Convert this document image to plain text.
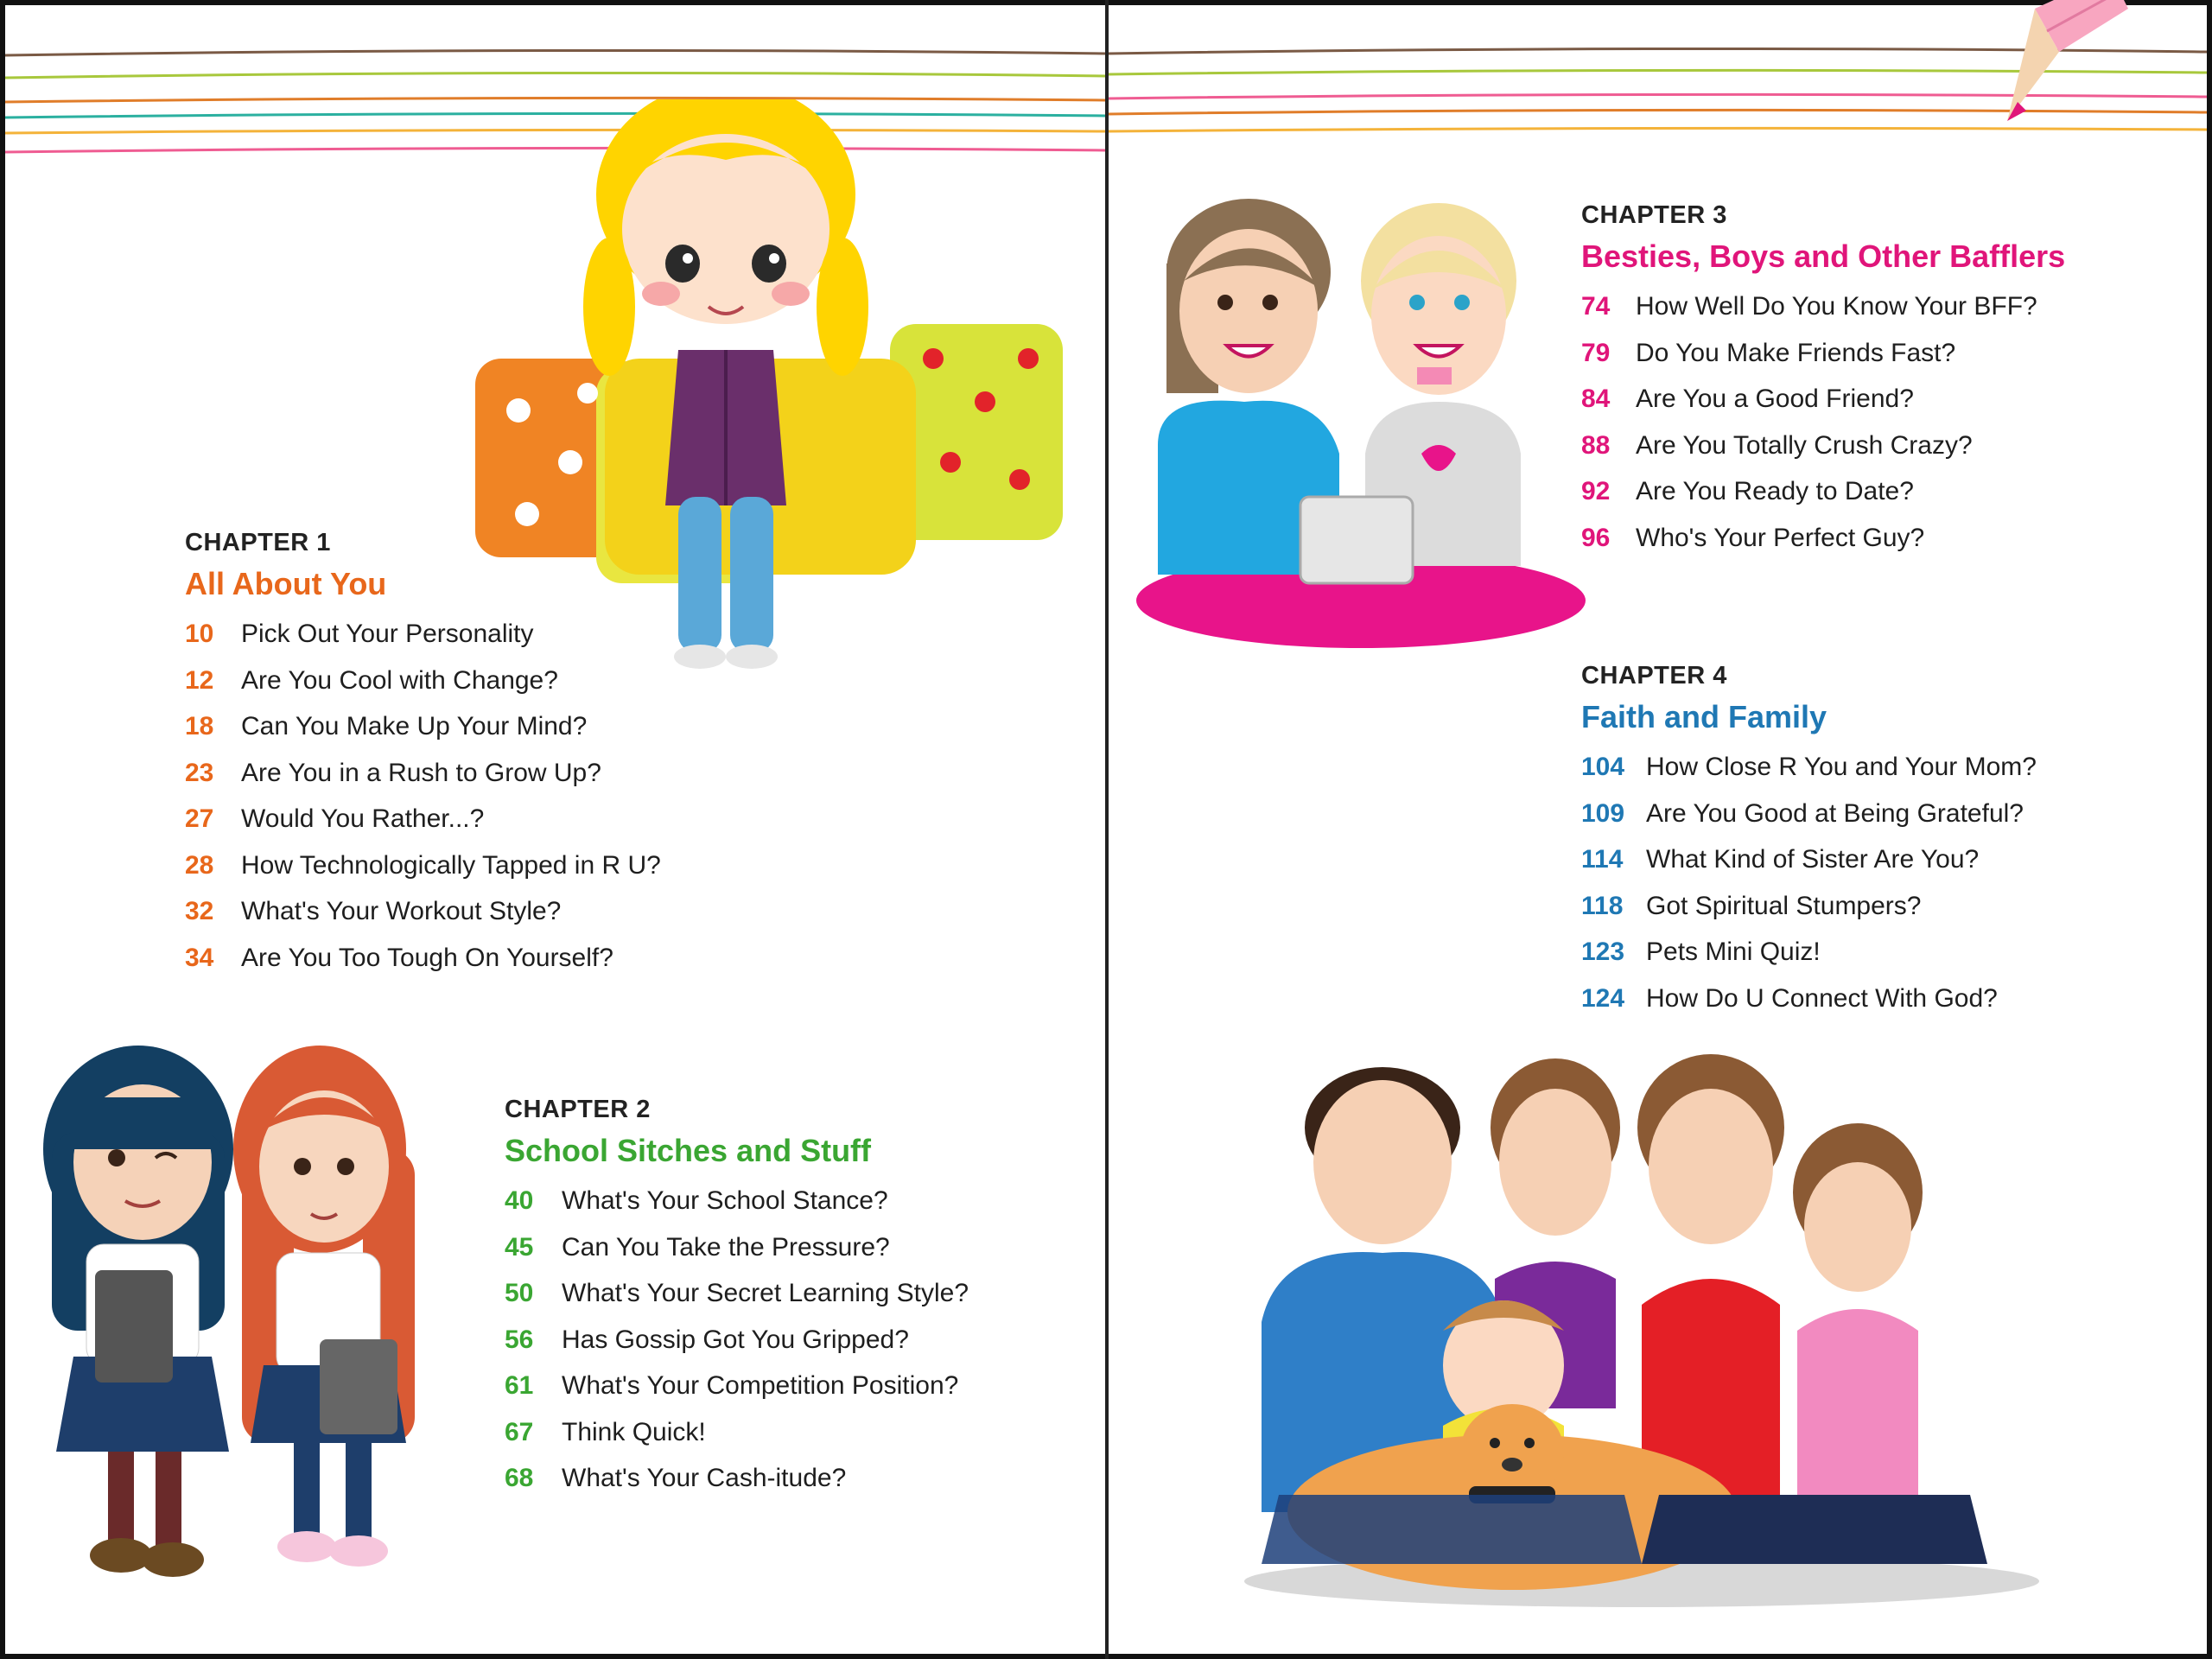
CHAPTER 1
All About You
10 Pick Out Your Personality
12 Are You Cool with Change?
18 Can You Make Up Your Mind?
23 Are You in a Rush to Grow Up?
27 Would You Rather...?
28 How Technologically Tapped in R U?
32 What's Your Workout Style?
34 Are You Too Tough On Yourself?
CHAPTER 2
School Sitches and Stuff
40 What's Your School Stance?
45 Can You Take the Pressure?
50 What's Your Secret Learning Style?
56 Has Gossip Got You Gripped?
61 What's Your Competition Position?
67 Think Quick!
68 What's Your Cash-itude?
CHAPTER 3
Besties, Boys and Other Bafflers
74 How Well Do You Know Your BFF?
79 Do You Make Friends Fast?
84 Are You a Good Friend?
88 Are You Totally Crush Crazy?
92 Are You Ready to Date?
96 Who's Your Perfect Guy?
CHAPTER 4
Faith and Family
104 How Close R You and Your Mom?
109 Are You Good at Being Grateful?
114 What Kind of Sister Are You?
118 Got Spiritual Stumpers?
123 Pets Mini Quiz!
124 How Do U Connect With God?
